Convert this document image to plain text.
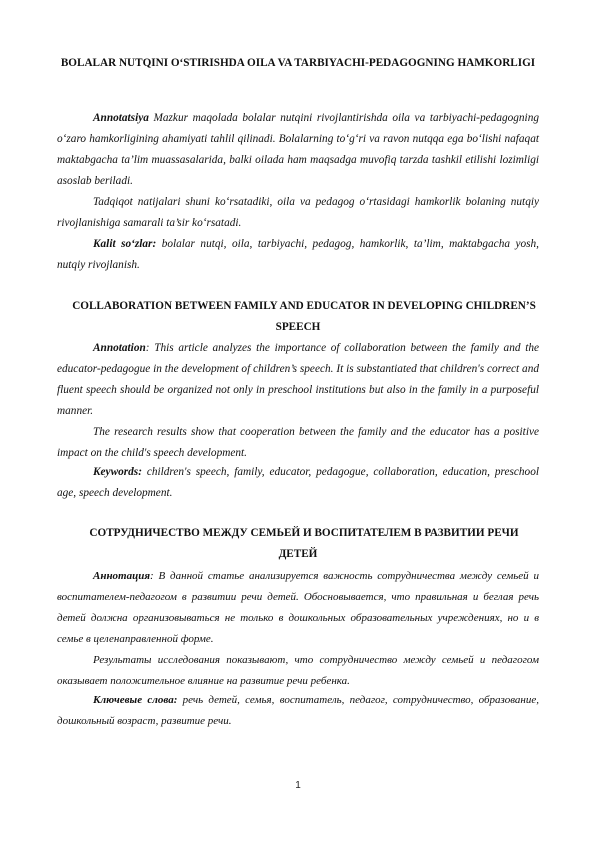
BOLALAR NUTQINI O‘STIRISHDA OILA VA TARBIYACHI-PEDAGOGNING HAMKORLIGI

Annotatsiya Mazkur maqolada bolalar nutqini rivojlantirishda oila va tarbiyachi-pedagogning o‘zaro hamkorligining ahamiyati tahlil qilinadi. Bolalarning to‘g‘ri va ravon nutqqa ega bo‘lishi nafaqat maktabgacha ta’lim muassasalarida, balki oilada ham maqsadga muvofiq tarzda tashkil etilishi lozimligi asoslab beriladi.

Tadqiqot natijalari shuni ko‘rsatadiki, oila va pedagog o‘rtasidagi hamkorlik bolaning nutqiy rivojlanishiga samarali ta’sir ko‘rsatadi.

Kalit so‘zlar: bolalar nutqi, oila, tarbiyachi, pedagog, hamkorlik, ta’lim, maktabgacha yosh, nutqiy rivojlanish.

COLLABORATION BETWEEN FAMILY AND EDUCATOR IN DEVELOPING CHILDREN’S SPEECH

Annotation: This article analyzes the importance of collaboration between the family and the educator-pedagogue in the development of children’s speech. It is substantiated that children's correct and fluent speech should be organized not only in preschool institutions but also in the family in a purposeful manner.

The research results show that cooperation between the family and the educator has a positive impact on the child's speech development.

Keywords: children's speech, family, educator, pedagogue, collaboration, education, preschool age, speech development.

СОТРУДНИЧЕСТВО МЕЖДУ СЕМЬЕЙ И ВОСПИТАТЕЛЕМ В РАЗВИТИИ РЕЧИ ДЕТЕЙ

Аннотация: В данной статье анализируется важность сотрудничества между семьей и воспитателем-педагогом в развитии речи детей. Обосновывается, что правильная и беглая речь детей должна организовываться не только в дошкольных образовательных учреждениях, но и в семье в целенаправленной форме.

Результаты исследования показывают, что сотрудничество между семьей и педагогом оказывает положительное влияние на развитие речи ребенка.

Ключевые слова: речь детей, семья, воспитатель, педагог, сотрудничество, образование, дошкольный возраст, развитие речи.

1
